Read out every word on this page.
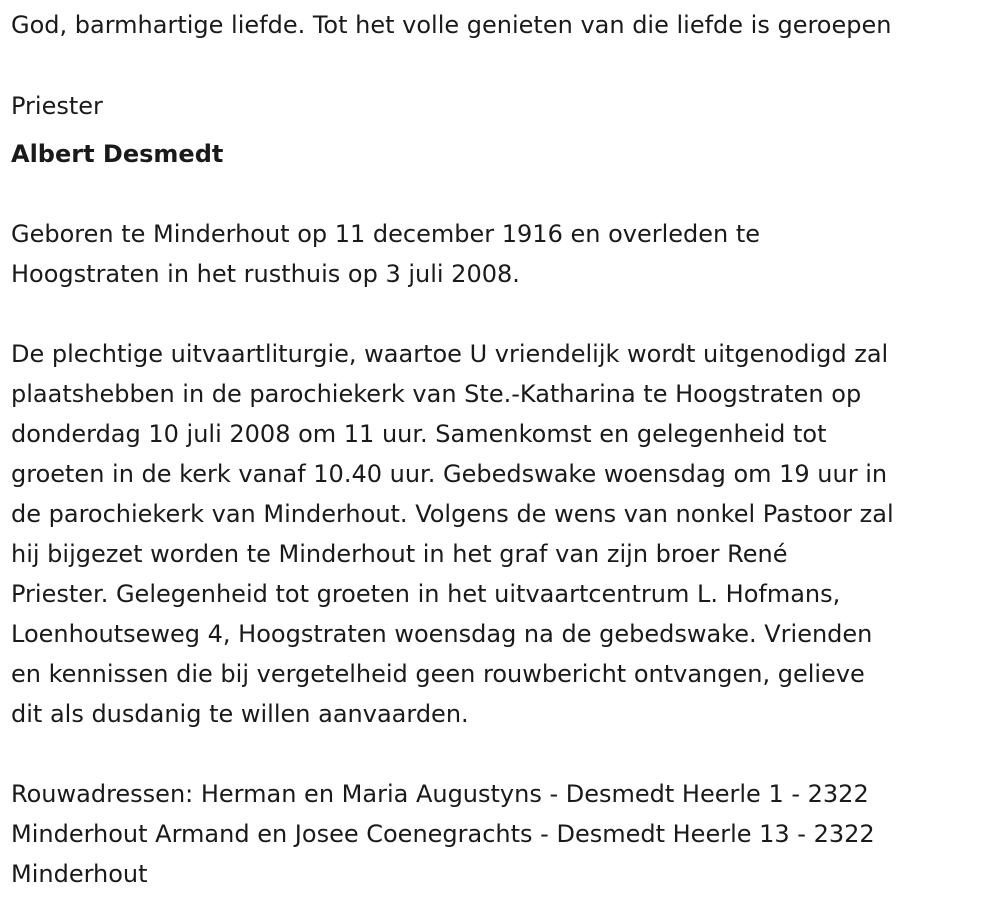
God, barmhartige liefde. Tot het volle genieten van die liefde is geroepen

Priester

Albert Desmedt

Geboren te Minderhout op 11 december 1916 en overleden te

Hoogstraten in het rusthuis op 3 juli 2008.

De plechtige uitvaartliturgie, waartoe U vriendelijk wordt uitgenodigd zal

plaatshebben in de parochiekerk van Ste.-Katharina te Hoogstraten op

donderdag 10 juli 2008 om 11 uur. Samenkomst en gelegenheid tot

groeten in de kerk vanaf 10.40 uur. Gebedswake woensdag om 19 uur in

de parochiekerk van Minderhout. Volgens de wens van nonkel Pastoor zal

hij bijgezet worden te Minderhout in het graf van zijn broer René

Priester. Gelegenheid tot groeten in het uitvaartcentrum L. Hofmans,

Loenhoutseweg 4, Hoogstraten woensdag na de gebedswake. Vrienden

en kennissen die bij vergetelheid geen rouwbericht ontvangen, gelieve

dit als dusdanig te willen aanvaarden.

Rouwadressen: Herman en Maria Augustyns - Desmedt Heerle 1 - 2322

Minderhout Armand en Josee Coenegrachts - Desmedt Heerle 13 - 2322

Minderhout
